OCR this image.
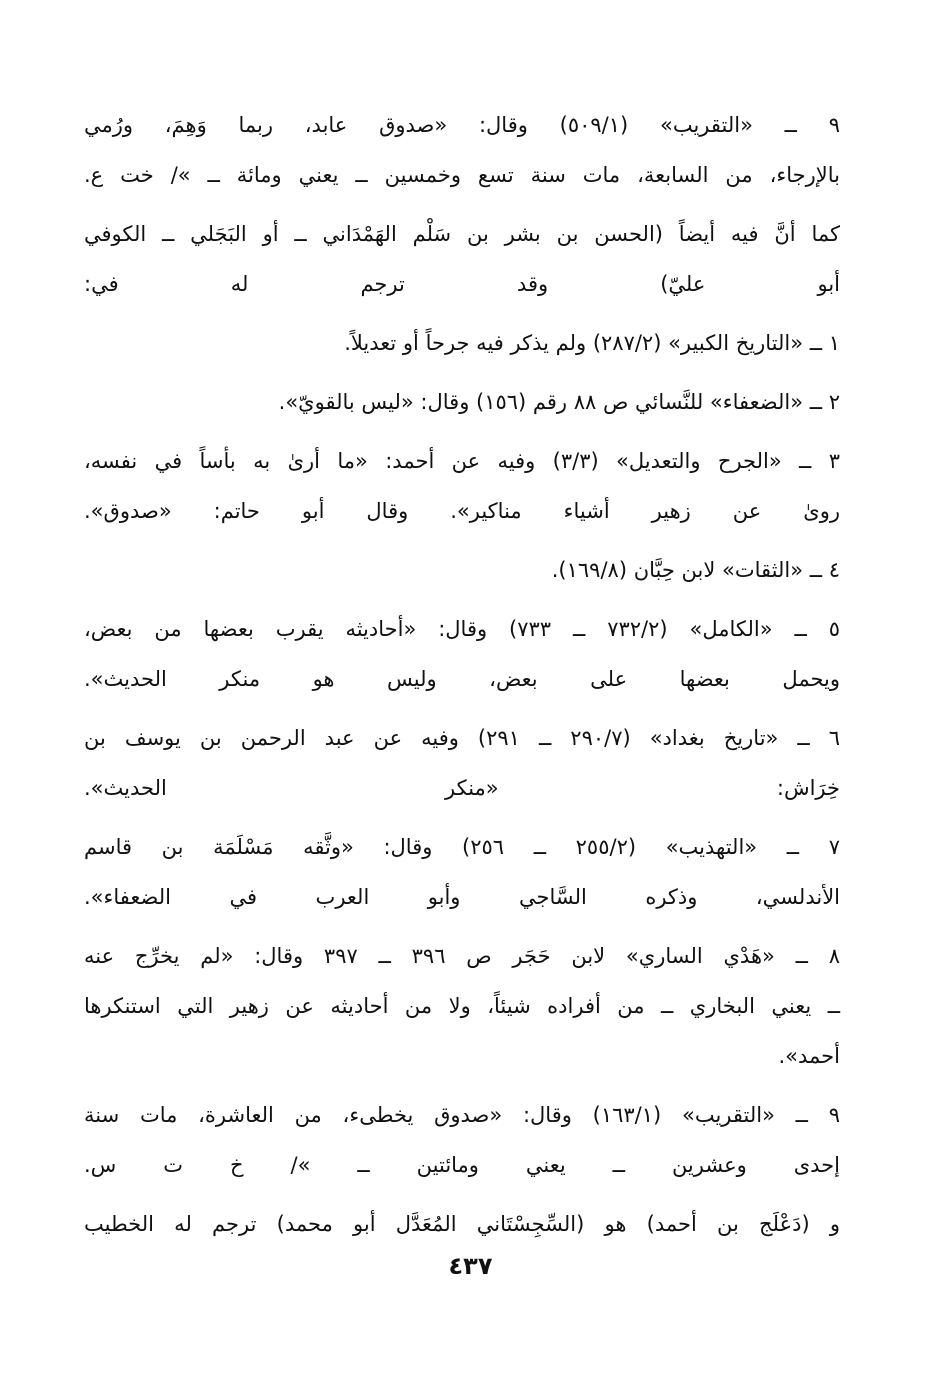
٩ ــ «التقريب» (٥٠٩/١) وقال: «صدوق عابد، ربما وَهِمَ، ورُمي
بالإرجاء، من السابعة، مات سنة تسع وخمسين ــ يعني ومائة ــ »/ خت ع.
كما أنَّ فيه أيضاً (الحسن بن بشر بن سَلْم الهَمْدَاني ــ أو البَجَلي ــ الكوفي
أبو عليّ) وقد ترجم له في:
١ ــ «التاريخ الكبير» (٢٨٧/٢) ولم يذكر فيه جرحاً أو تعديلاً.
٢ ــ «الضعفاء» للنَّسائي ص ٨٨ رقم (١٥٦) وقال: «ليس بالقويّ».
٣ ــ «الجرح والتعديل» (٣/٣) وفيه عن أحمد: «ما أرىٰ به بأساً في نفسه،
روىٰ عن زهير أشياء مناكير». وقال أبو حاتم: «صدوق».
٤ ــ «الثقات» لابن حِبَّان (١٦٩/٨).
٥ ــ «الكامل» (٧٣٢/٢ ــ ٧٣٣) وقال: «أحاديثه يقرب بعضها من بعض،
ويحمل بعضها على بعض، وليس هو منكر الحديث».
٦ ــ «تاريخ بغداد» (٢٩٠/٧ ــ ٢٩١) وفيه عن عبد الرحمن بن يوسف بن
خِرَاش: «منكر الحديث».
٧ ــ «التهذيب» (٢٥٥/٢ ــ ٢٥٦) وقال: «وثَّقه مَسْلَمَة بن قاسم
الأندلسي، وذكره السَّاجي وأبو العرب في الضعفاء».
٨ ــ «هَدْي الساري» لابن حَجَر ص ٣٩٦ ــ ٣٩٧ وقال: «لم يخرِّج عنه
ــ يعني البخاري ــ من أفراده شيئاً، ولا من أحاديثه عن زهير التي استنكرها
أحمد».
٩ ــ «التقريب» (١٦٣/١) وقال: «صدوق يخطىء، من العاشرة، مات سنة
إحدى وعشرين ــ يعني ومائتين ــ »/ خ ت س.
و (دَعْلَج بن أحمد) هو (السِّجِسْتَاني المُعَدَّل أبو محمد) ترجم له الخطيب
٤٣٧
